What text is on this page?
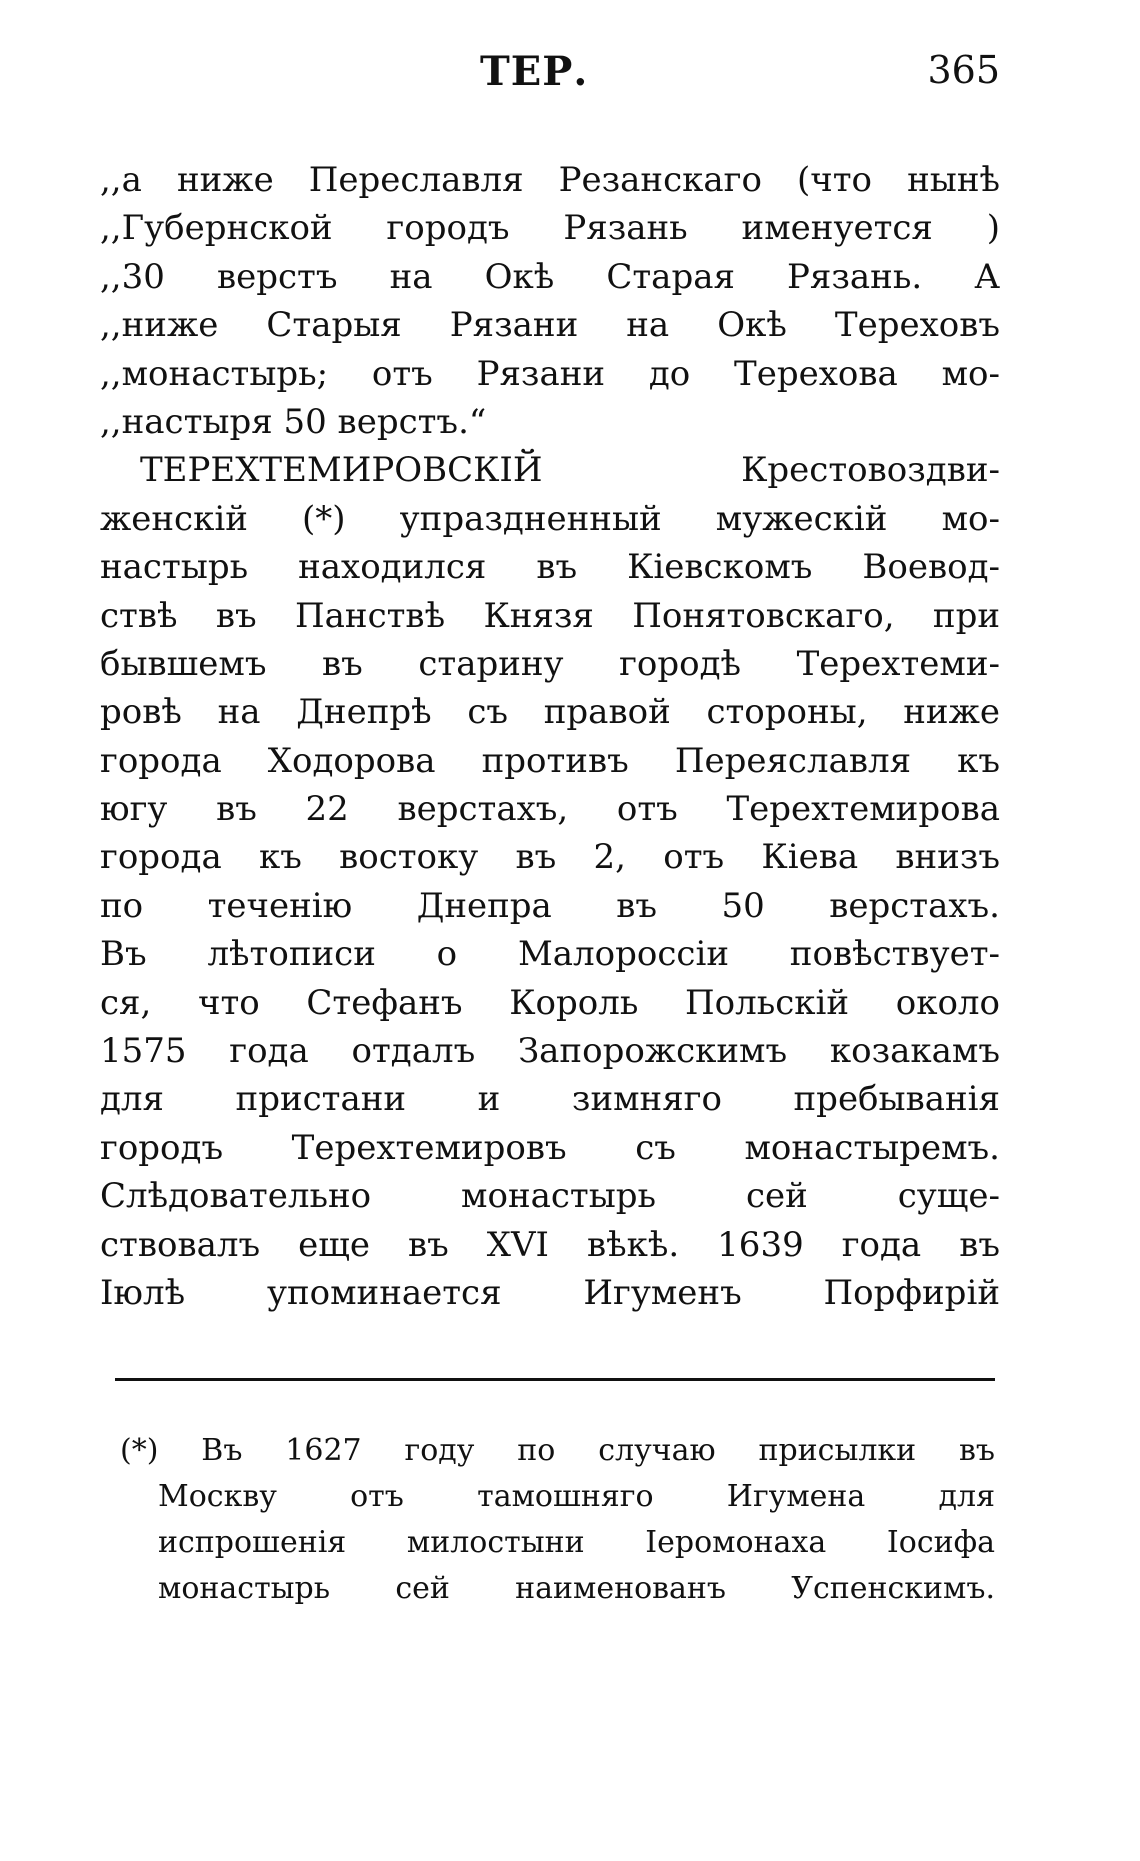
ТЕР.	365
,,а ниже Переславля Резанскаго (что нынѣ
,,Губернской городъ Рязань именуется )
,,30 верстъ на Окѣ Старая Рязань. А
,,ниже Старыя Рязани на Окѣ Тереховъ
,,монастырь; отъ Рязани до Терехова мо-
,,настыря 50 верстъ.“
ТЕРЕХТЕМИРОВСКІЙ Крестовоздви-
женскій (*) упраздненный мужескій мо-
настырь находился въ Кіевскомъ Воевод-
ствѣ въ Панствѣ Князя Понятовскаго, при
бывшемъ въ старину городѣ Терехтеми-
ровѣ на Днепрѣ съ правой стороны, ниже
города Ходорова противъ Переяславля къ
югу въ 22 верстахъ, отъ Терехтемирова
города къ востоку въ 2, отъ Кіева внизъ
по теченію Днепра въ 50 верстахъ.
Въ лѣтописи о Малороссіи повѣствует-
ся, что Стефанъ Король Польскій около
1575 года отдалъ Запорожскимъ козакамъ
для пристани и зимняго пребыванія
городъ Терехтемировъ съ монастыремъ.
Слѣдовательно монастырь сей суще-
ствовалъ еще въ XVI вѣкѣ. 1639 года въ
Іюлѣ упоминается Игуменъ Порфирій
(*) Въ 1627 году по случаю присылки въ
Москву отъ тамошняго Игумена для
испрошенія милостыни Іеромонаха Іосифа
монастырь сей наименованъ Успенскимъ.
